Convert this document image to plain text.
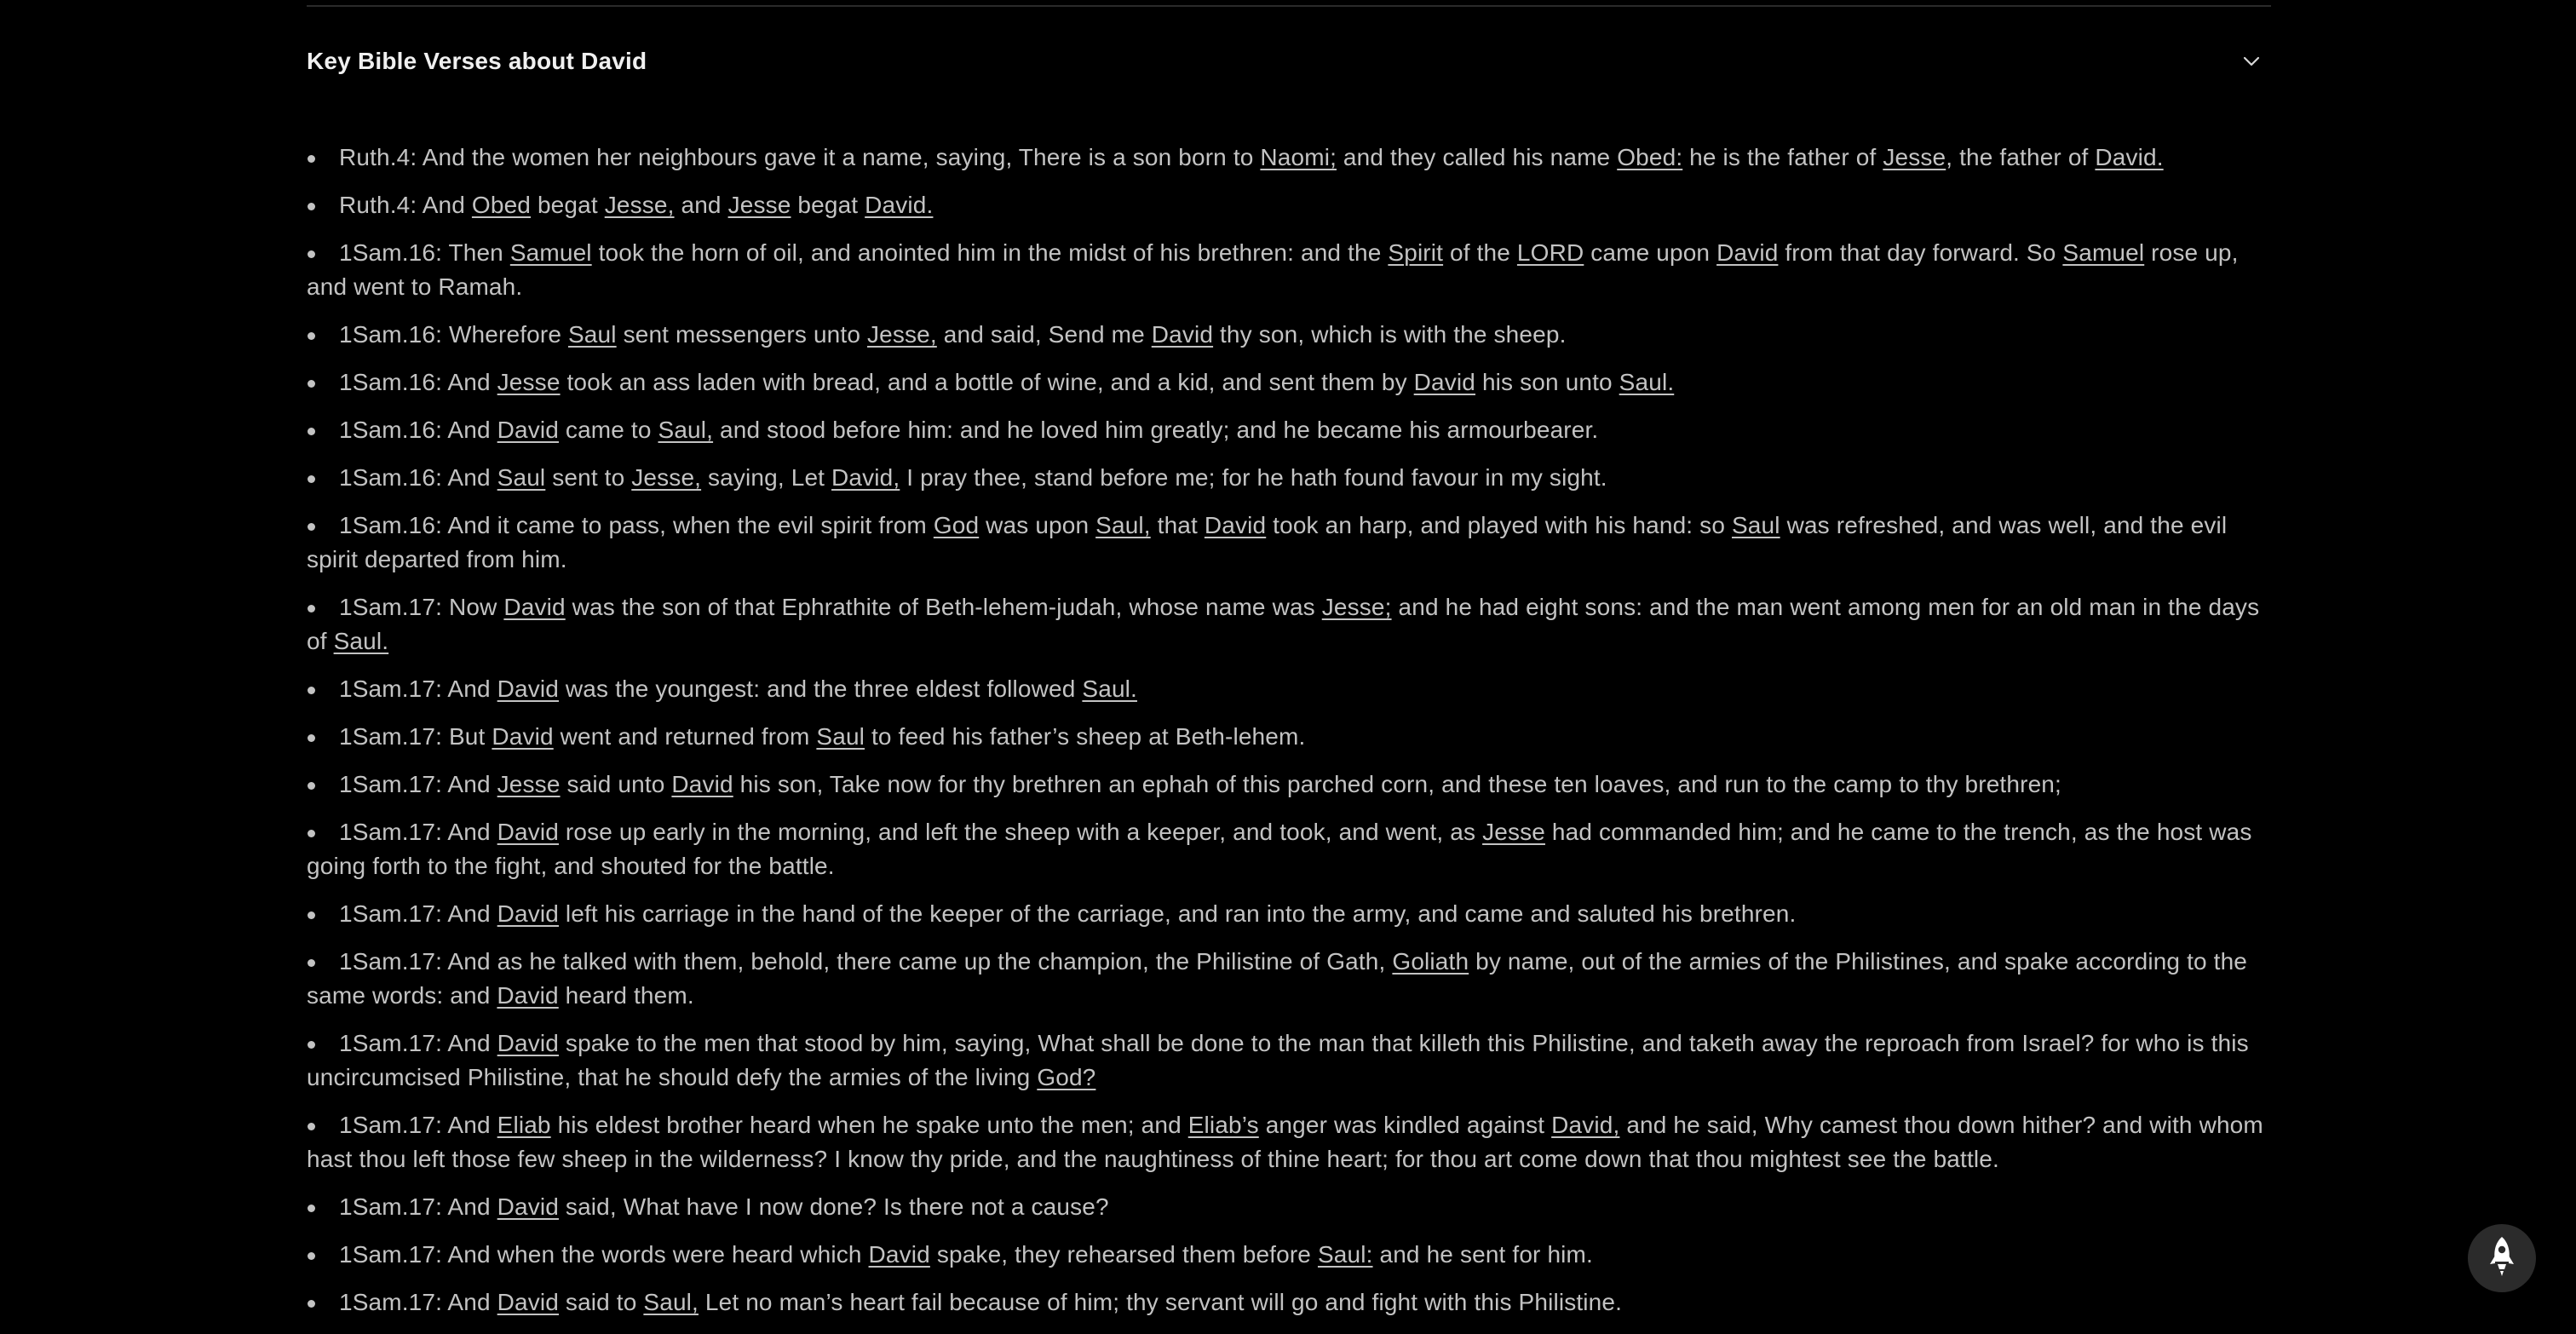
Key Bible Verses about David
Ruth.4: And the women her neighbours gave it a name, saying, There is a son born to Naomi; and they called his name Obed: he is the father of Jesse, the father of David.
Ruth.4: And Obed begat Jesse, and Jesse begat David.
1Sam.16: Then Samuel took the horn of oil, and anointed him in the midst of his brethren: and the Spirit of the LORD came upon David from that day forward. So Samuel rose up, and went to Ramah.
1Sam.16: Wherefore Saul sent messengers unto Jesse, and said, Send me David thy son, which is with the sheep.
1Sam.16: And Jesse took an ass laden with bread, and a bottle of wine, and a kid, and sent them by David his son unto Saul.
1Sam.16: And David came to Saul, and stood before him: and he loved him greatly; and he became his armourbearer.
1Sam.16: And Saul sent to Jesse, saying, Let David, I pray thee, stand before me; for he hath found favour in my sight.
1Sam.16: And it came to pass, when the evil spirit from God was upon Saul, that David took an harp, and played with his hand: so Saul was refreshed, and was well, and the evil spirit departed from him.
1Sam.17: Now David was the son of that Ephrathite of Beth-lehem-judah, whose name was Jesse; and he had eight sons: and the man went among men for an old man in the days of Saul.
1Sam.17: And David was the youngest: and the three eldest followed Saul.
1Sam.17: But David went and returned from Saul to feed his father’s sheep at Beth-lehem.
1Sam.17: And Jesse said unto David his son, Take now for thy brethren an ephah of this parched corn, and these ten loaves, and run to the camp to thy brethren;
1Sam.17: And David rose up early in the morning, and left the sheep with a keeper, and took, and went, as Jesse had commanded him; and he came to the trench, as the host was going forth to the fight, and shouted for the battle.
1Sam.17: And David left his carriage in the hand of the keeper of the carriage, and ran into the army, and came and saluted his brethren.
1Sam.17: And as he talked with them, behold, there came up the champion, the Philistine of Gath, Goliath by name, out of the armies of the Philistines, and spake according to the same words: and David heard them.
1Sam.17: And David spake to the men that stood by him, saying, What shall be done to the man that killeth this Philistine, and taketh away the reproach from Israel? for who is this uncircumcised Philistine, that he should defy the armies of the living God?
1Sam.17: And Eliab his eldest brother heard when he spake unto the men; and Eliab’s anger was kindled against David, and he said, Why camest thou down hither? and with whom hast thou left those few sheep in the wilderness? I know thy pride, and the naughtiness of thine heart; for thou art come down that thou mightest see the battle.
1Sam.17: And David said, What have I now done? Is there not a cause?
1Sam.17: And when the words were heard which David spake, they rehearsed them before Saul: and he sent for him.
1Sam.17: And David said to Saul, Let no man’s heart fail because of him; thy servant will go and fight with this Philistine.
